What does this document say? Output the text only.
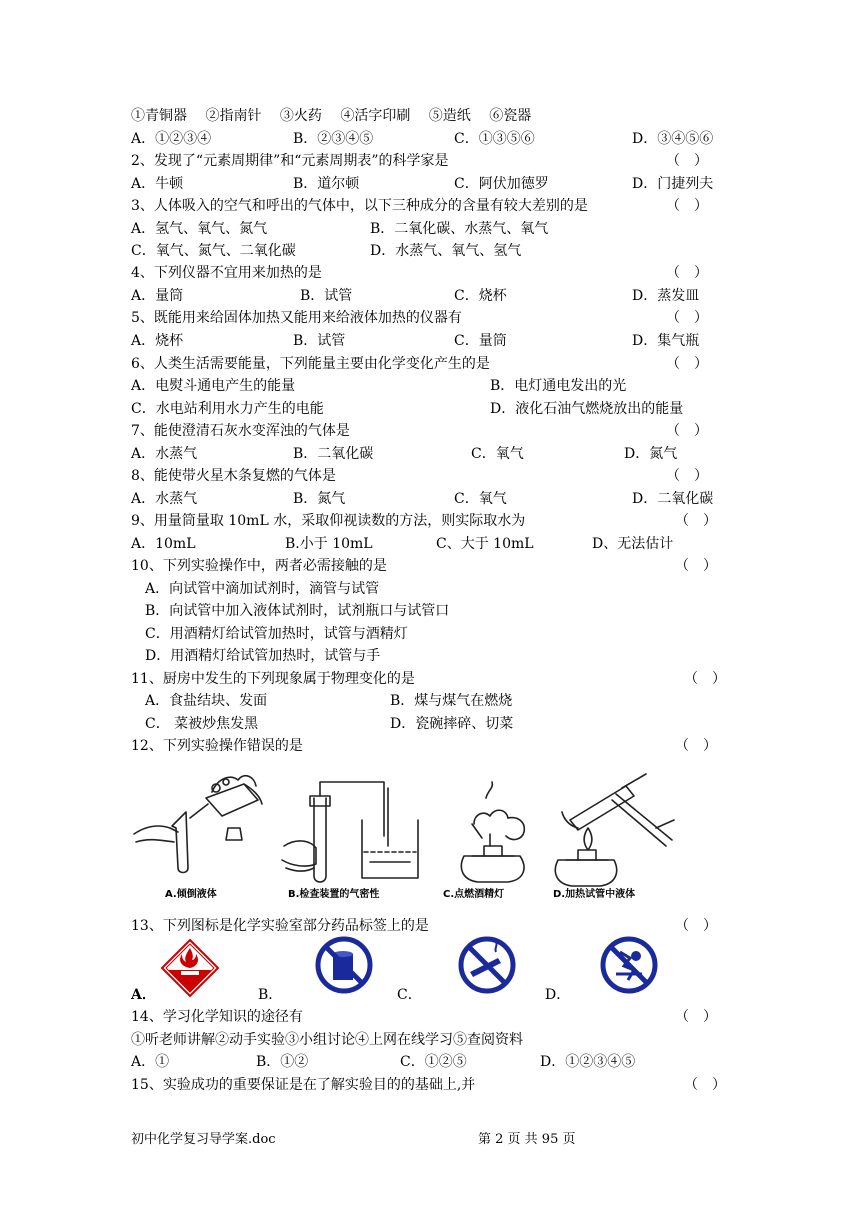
①青铜器 ②指南针 ③火药 ④活字印刷 ⑤造纸 ⑥瓷器
A．①②③④	B．②③④⑤	C．①③⑤⑥	D．③④⑤⑥
2、发现了“元素周期律”和“元素周期表”的科学家是	（　）
A．牛顿	B．道尔顿	C．阿伏加德罗	D．门捷列夫
3、人体吸入的空气和呼出的气体中，以下三种成分的含量有较大差别的是	（　）
A．氢气、氧气、氮气	B．二氧化碳、水蒸气、氧气
C．氧气、氮气、二氧化碳	D．水蒸气、氧气、氢气
4、下列仪器不宜用来加热的是	（　）
A．量筒	B．试管	C．烧杯	D．蒸发皿
5、既能用来给固体加热又能用来给液体加热的仪器有	（　）
A．烧杯	B．试管	C．量筒	D．集气瓶
6、人类生活需要能量，下列能量主要由化学变化产生的是	（　）
A．电熨斗通电产生的能量	B．电灯通电发出的光
C．水电站利用水力产生的电能	D．液化石油气燃烧放出的能量
7、能使澄清石灰水变浑浊的气体是	（　）
A．水蒸气	B．二氧化碳	C．氧气	D．氮气
8、能使带火星木条复燃的气体是	（　）
A．水蒸气	B．氮气	C．氧气	D．二氧化碳
9、用量筒量取 10mL 水，采取仰视读数的方法，则实际取水为	（　）
A．10mL	B.小于 10mL	C、大于 10mL	D、无法估计
10、下列实验操作中，两者必需接触的是	（　）
A．向试管中滴加试剂时，滴管与试管
B．向试管中加入液体试剂时，试剂瓶口与试管口
C．用酒精灯给试管加热时，试管与酒精灯
D．用酒精灯给试管加热时，试管与手
11、厨房中发生的下列现象属于物理变化的是	（　）
A．食盐结块、发面	B．煤与煤气在燃烧
C． 菜被炒焦发黑	D．瓷碗摔碎、切菜
12、下列实验操作错误的是	（　）
A.倾倒液体	B.检查装置的气密性	C.点燃酒精灯	D.加热试管中液体
13、下列图标是化学实验室部分药品标签上的是	（　）
A．	B．	C．	D．
14、学习化学知识的途径有	（　）
①听老师讲解②动手实验③小组讨论④上网在线学习⑤查阅资料
A．①	B．①②	C．①②⑤	D．①②③④⑤
15、实验成功的重要保证是在了解实验目的的基础上,并	（　）
初中化学复习导学案.doc	第 2 页 共 95 页
